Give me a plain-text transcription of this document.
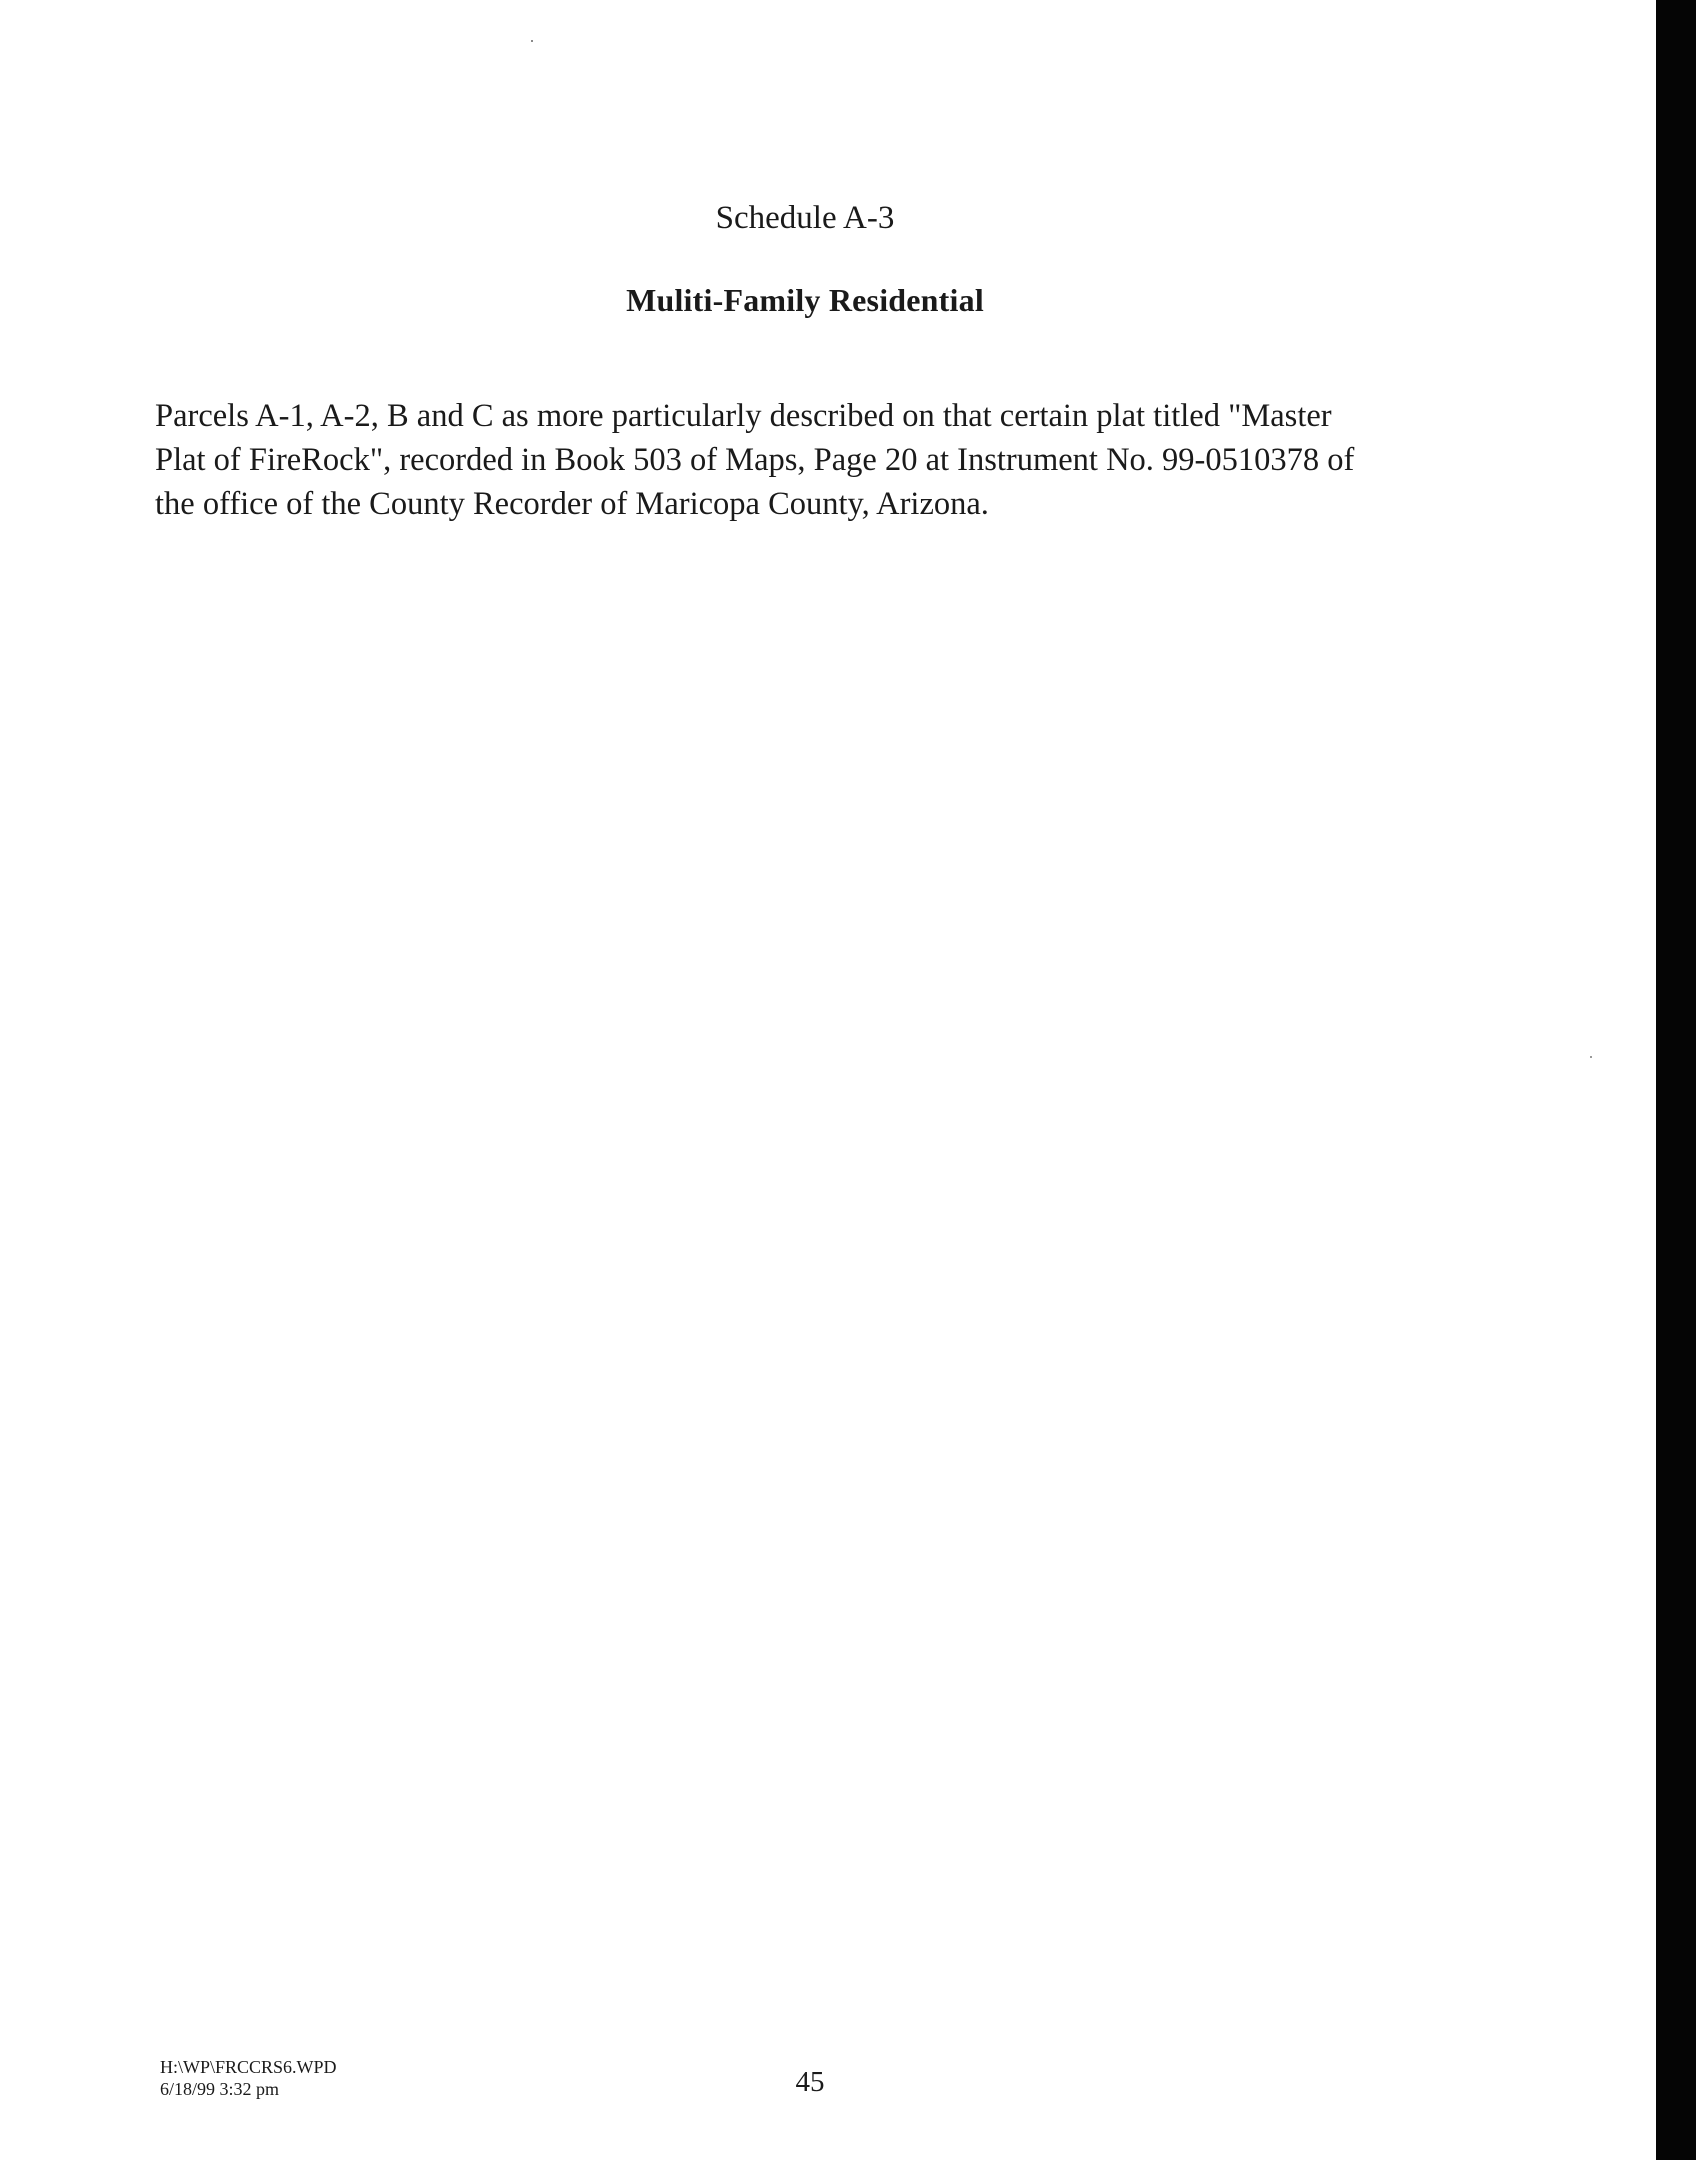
Schedule A-3
Muliti-Family Residential

Parcels A-1, A-2, B and C as more particularly described on that certain plat titled "Master
Plat of FireRock", recorded in Book 503 of Maps, Page 20 at Instrument No. 99-0510378 of
the office of the County Recorder of Maricopa County, Arizona.

H:\WP\FRCCRS6.WPD
6/18/99 3:32 pm	45
